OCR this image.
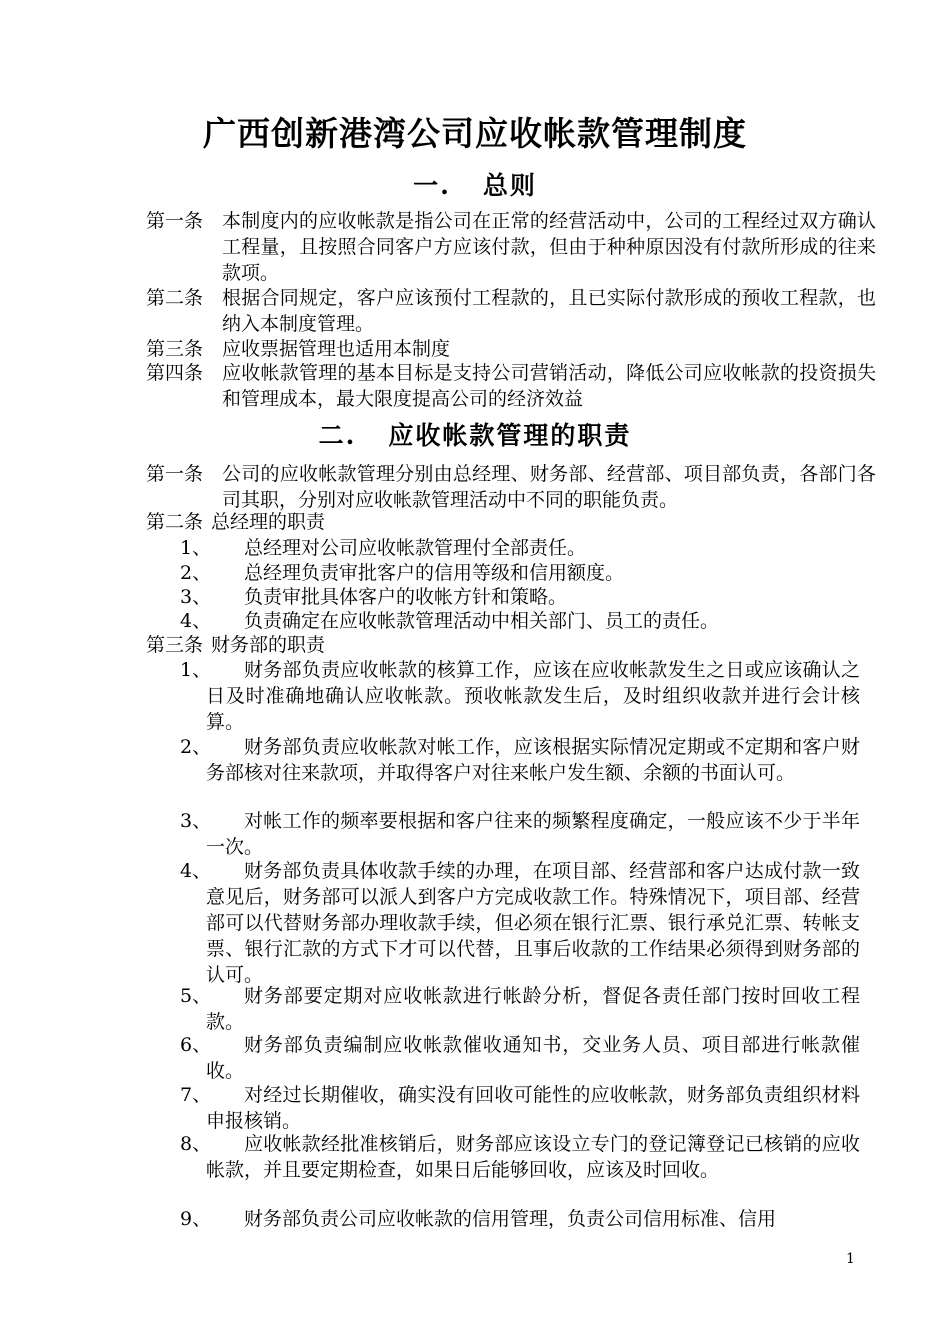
广西创新港湾公司应收帐款管理制度
一. 总则
第一条 本制度内的应收帐款是指公司在正常的经营活动中，公司的工程经过双方确认工程量，且按照合同客户方应该付款，但由于种种原因没有付款所形成的往来款项。
第二条 根据合同规定，客户应该预付工程款的，且已实际付款形成的预收工程款，也纳入本制度管理。
第三条 应收票据管理也适用本制度
第四条 应收帐款管理的基本目标是支持公司营销活动，降低公司应收帐款的投资损失和管理成本，最大限度提高公司的经济效益
二. 应收帐款管理的职责
第一条 公司的应收帐款管理分别由总经理、财务部、经营部、项目部负责，各部门各司其职，分别对应收帐款管理活动中不同的职能负责。
第二条 总经理的职责
1、	总经理对公司应收帐款管理付全部责任。
2、	总经理负责审批客户的信用等级和信用额度。
3、	负责审批具体客户的收帐方针和策略。
4、	负责确定在应收帐款管理活动中相关部门、员工的责任。
第三条 财务部的职责
1、	财务部负责应收帐款的核算工作，应该在应收帐款发生之日或应该确认之日及时准确地确认应收帐款。预收帐款发生后，及时组织收款并进行会计核算。
2、	财务部负责应收帐款对帐工作，应该根据实际情况定期或不定期和客户财务部核对往来款项，并取得客户对往来帐户发生额、余额的书面认可。
3、	对帐工作的频率要根据和客户往来的频繁程度确定，一般应该不少于半年一次。
4、	财务部负责具体收款手续的办理，在项目部、经营部和客户达成付款一致意见后，财务部可以派人到客户方完成收款工作。特殊情况下，项目部、经营部可以代替财务部办理收款手续，但必须在银行汇票、银行承兑汇票、转帐支票、银行汇款的方式下才可以代替，且事后收款的工作结果必须得到财务部的认可。
5、	财务部要定期对应收帐款进行帐龄分析，督促各责任部门按时回收工程款。
6、	财务部负责编制应收帐款催收通知书，交业务人员、项目部进行帐款催收。
7、	对经过长期催收，确实没有回收可能性的应收帐款，财务部负责组织材料申报核销。
8、	应收帐款经批准核销后，财务部应该设立专门的登记簿登记已核销的应收帐款，并且要定期检查，如果日后能够回收，应该及时回收。
9、	财务部负责公司应收帐款的信用管理，负责公司信用标准、信用
1
